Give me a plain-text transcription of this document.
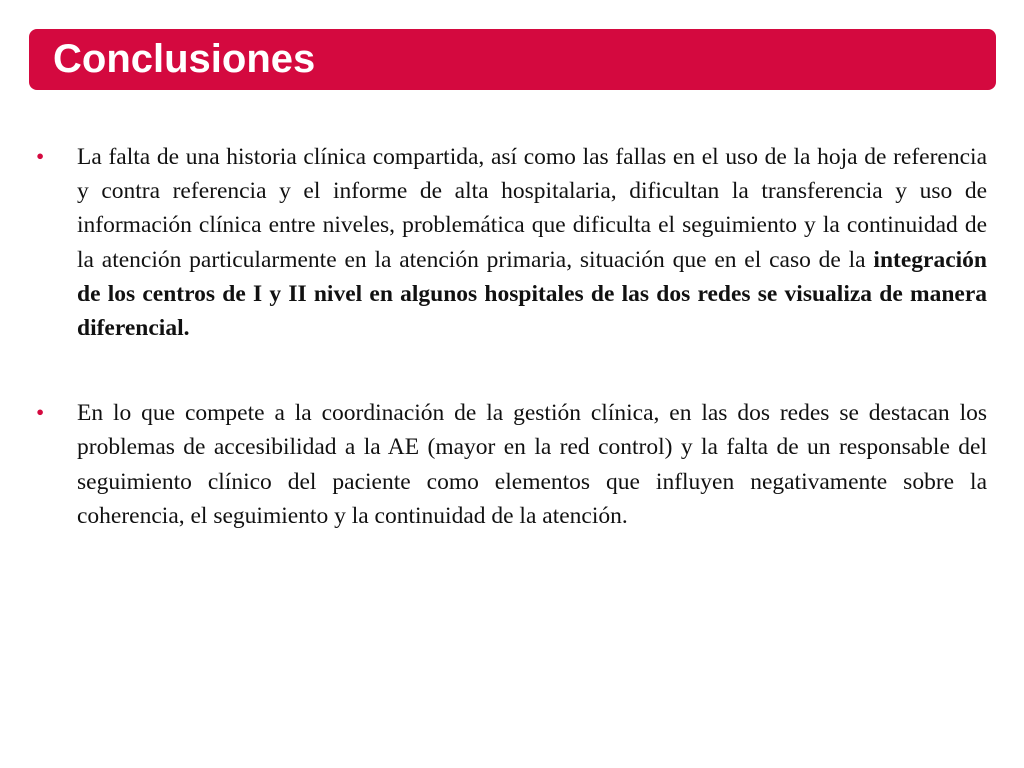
Conclusiones
•	La falta de una historia clínica compartida, así como las fallas en el uso de la hoja de referencia y contra referencia y el informe de alta hospitalaria, dificultan la transferencia y uso de información clínica entre niveles, problemática que dificulta el seguimiento y la continuidad de la atención particularmente en la atención primaria, situación que en el caso de la integración de los centros de I y II nivel en algunos hospitales de las dos redes se visualiza de manera diferencial.
•	En lo que compete a la coordinación de la gestión clínica, en las dos redes se destacan los problemas de accesibilidad a la AE (mayor en la red control) y la falta de un responsable del seguimiento clínico del paciente como elementos que influyen negativamente sobre la coherencia, el seguimiento y la continuidad de la atención.
